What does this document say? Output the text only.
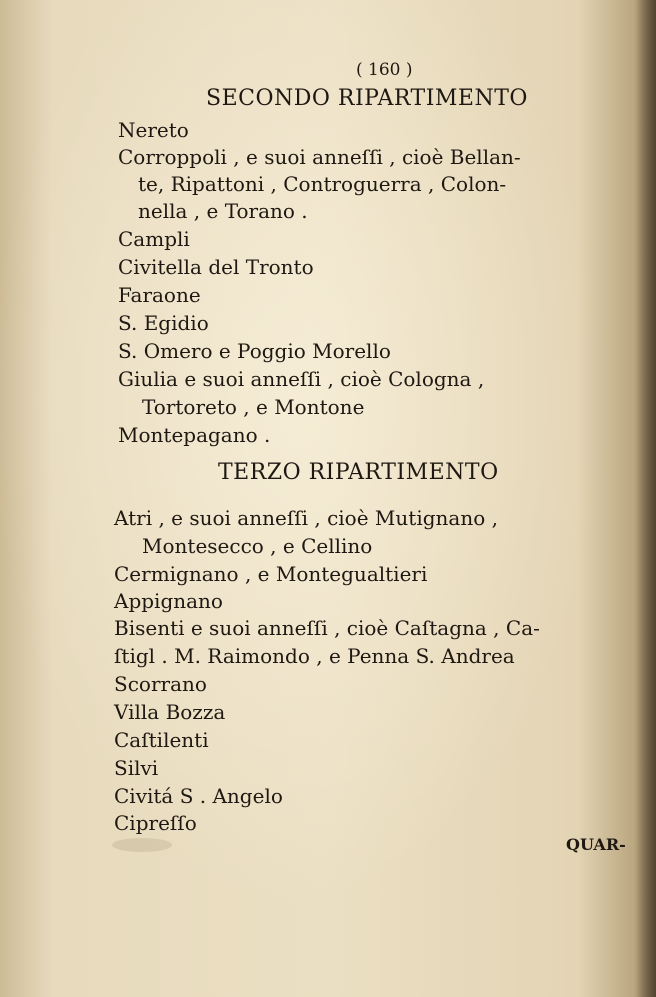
( 160 )
SECONDO RIPARTIMENTO
Nereto
Corroppoli , e suoi anneſſi , cioè Bellan-
te, Ripattoni , Controguerra , Colon-
nella , e Torano .
Campli
Civitella del Tronto
Faraone
S. Egidio
S. Omero e Poggio Morello
Giulia e suoi anneſſi , cioè Cologna ,
Tortoreto , e Montone
Montepagano .
TERZO RIPARTIMENTO
Atri , e suoi anneſſi , cioè Mutignano ,
Montesecco , e Cellino
Cermignano , e Montegualtieri
Appignano
Bisenti e suoi anneſſi , cioè Caſtagna , Ca-
ſtigl . M. Raimondo , e Penna S. Andrea
Scorrano
Villa Bozza
Caſtilenti
Silvi
Civitá S . Angelo
Cipreſſo
QUAR-
